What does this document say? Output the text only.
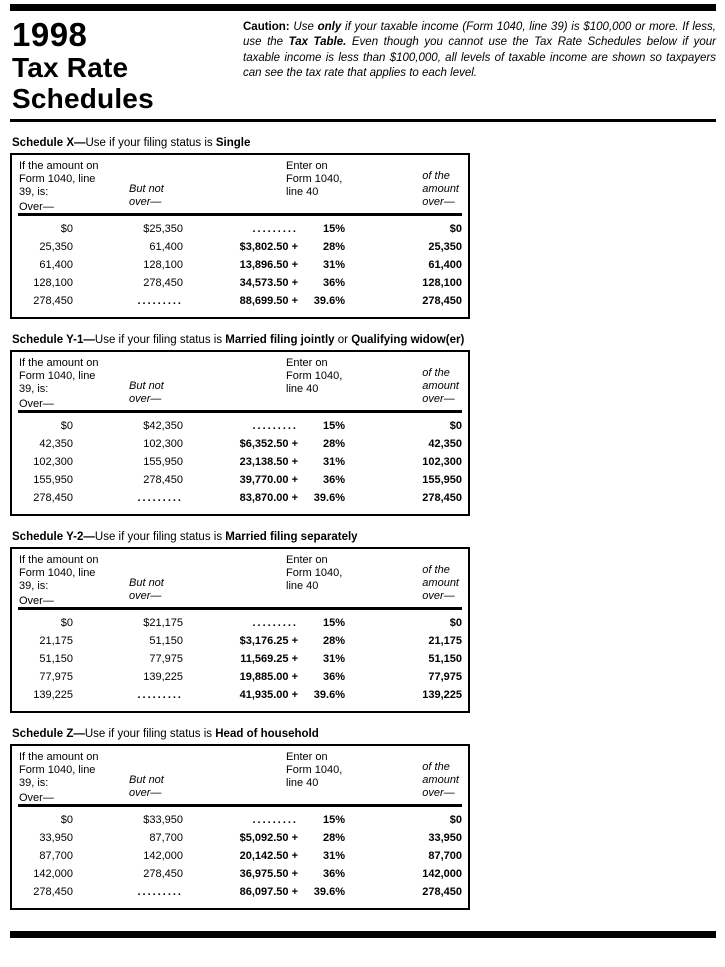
1998
Tax Rate
Schedules

Caution: Use only if your taxable income (Form 1040, line 39) is $100,000 or more. If less, use the Tax Table. Even though you cannot use the Tax Rate Schedules below if your taxable income is less than $100,000, all levels of taxable income are shown so taxpayers can see the tax rate that applies to each level.

Schedule X—Use if your filing status is Single

If the amount on
Form 1040, line
39, is:
Over—
But not
over—
Enter on
Form 1040,
line 40
of the
amount
over—
$0	$25,350	.........	15%	$0
25,350	61,400	$3,802.50 +	28%	25,350
61,400	128,100	13,896.50 +	31%	61,400
128,100	278,450	34,573.50 +	36%	128,100
278,450	.........	88,699.50 +	39.6%	278,450

Schedule Y-1—Use if your filing status is Married filing jointly or Qualifying widow(er)

If the amount on
Form 1040, line
39, is:
Over—
But not
over—
Enter on
Form 1040,
line 40
of the
amount
over—
$0	$42,350	.........	15%	$0
42,350	102,300	$6,352.50 +	28%	42,350
102,300	155,950	23,138.50 +	31%	102,300
155,950	278,450	39,770.00 +	36%	155,950
278,450	.........	83,870.00 +	39.6%	278,450

Schedule Y-2—Use if your filing status is Married filing separately

If the amount on
Form 1040, line
39, is:
Over—
But not
over—
Enter on
Form 1040,
line 40
of the
amount
over—
$0	$21,175	.........	15%	$0
21,175	51,150	$3,176.25 +	28%	21,175
51,150	77,975	11,569.25 +	31%	51,150
77,975	139,225	19,885.00 +	36%	77,975
139,225	.........	41,935.00 +	39.6%	139,225

Schedule Z—Use if your filing status is Head of household

If the amount on
Form 1040, line
39, is:
Over—
But not
over—
Enter on
Form 1040,
line 40
of the
amount
over—
$0	$33,950	.........	15%	$0
33,950	87,700	$5,092.50 +	28%	33,950
87,700	142,000	20,142.50 +	31%	87,700
142,000	278,450	36,975.50 +	36%	142,000
278,450	.........	86,097.50 +	39.6%	278,450
